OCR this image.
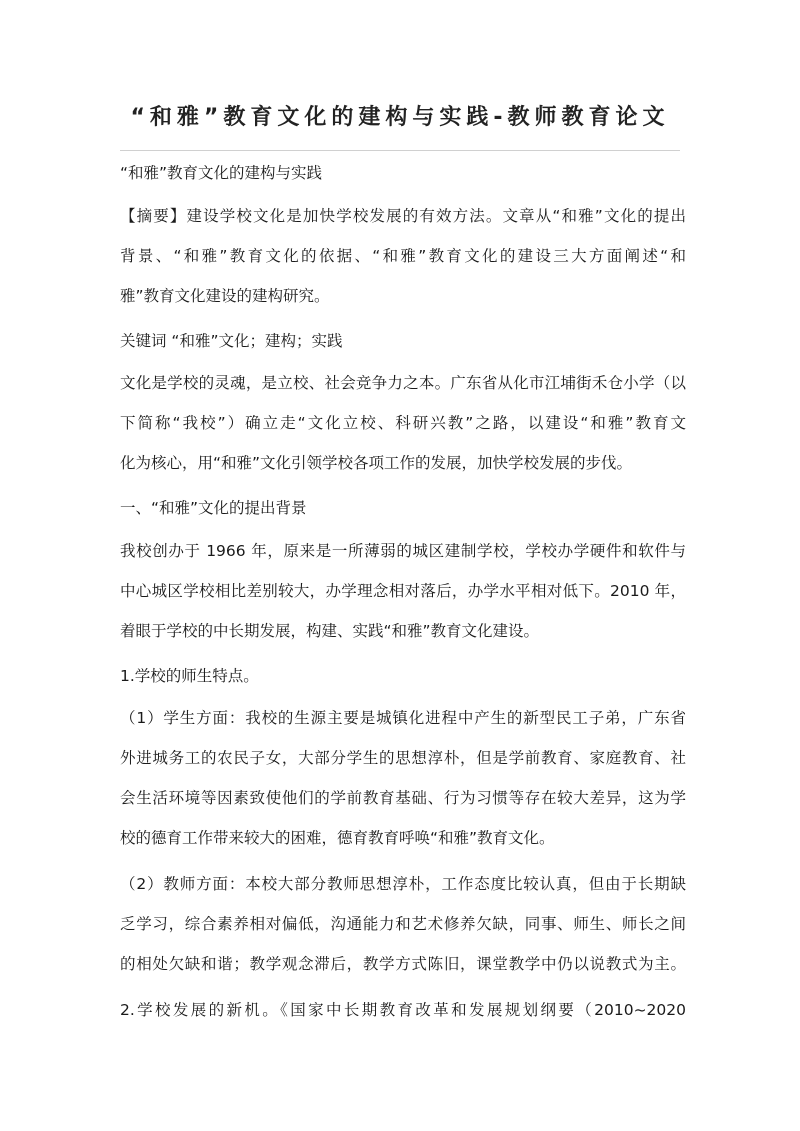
“和雅”教育文化的建构与实践-教师教育论文
“和雅”教育文化的建构与实践
【摘要】建设学校文化是加快学校发展的有效方法。文章从“和雅”文化的提出
背景、“和雅”教育文化的依据、“和雅”教育文化的建设三大方面阐述“和
雅”教育文化建设的建构研究。
关键词 “和雅”文化；建构；实践
文化是学校的灵魂，是立校、社会竞争力之本。广东省从化市江埔街禾仓小学（以
下简称“我校”）确立走“文化立校、科研兴教”之路，以建设“和雅”教育文
化为核心，用“和雅”文化引领学校各项工作的发展，加快学校发展的步伐。
一、“和雅”文化的提出背景
我校创办于 1966 年，原来是一所薄弱的城区建制学校，学校办学硬件和软件与
中心城区学校相比差别较大，办学理念相对落后，办学水平相对低下。2010 年，
着眼于学校的中长期发展，构建、实践“和雅”教育文化建设。
1.学校的师生特点。
（1）学生方面：我校的生源主要是城镇化进程中产生的新型民工子弟，广东省
外进城务工的农民子女，大部分学生的思想淳朴，但是学前教育、家庭教育、社
会生活环境等因素致使他们的学前教育基础、行为习惯等存在较大差异，这为学
校的德育工作带来较大的困难，德育教育呼唤“和雅”教育文化。
（2）教师方面：本校大部分教师思想淳朴，工作态度比较认真，但由于长期缺
乏学习，综合素养相对偏低，沟通能力和艺术修养欠缺，同事、师生、师长之间
的相处欠缺和谐；教学观念滞后，教学方式陈旧，课堂教学中仍以说教式为主。
2.学校发展的新机。《国家中长期教育改革和发展规划纲要（2010~2020
